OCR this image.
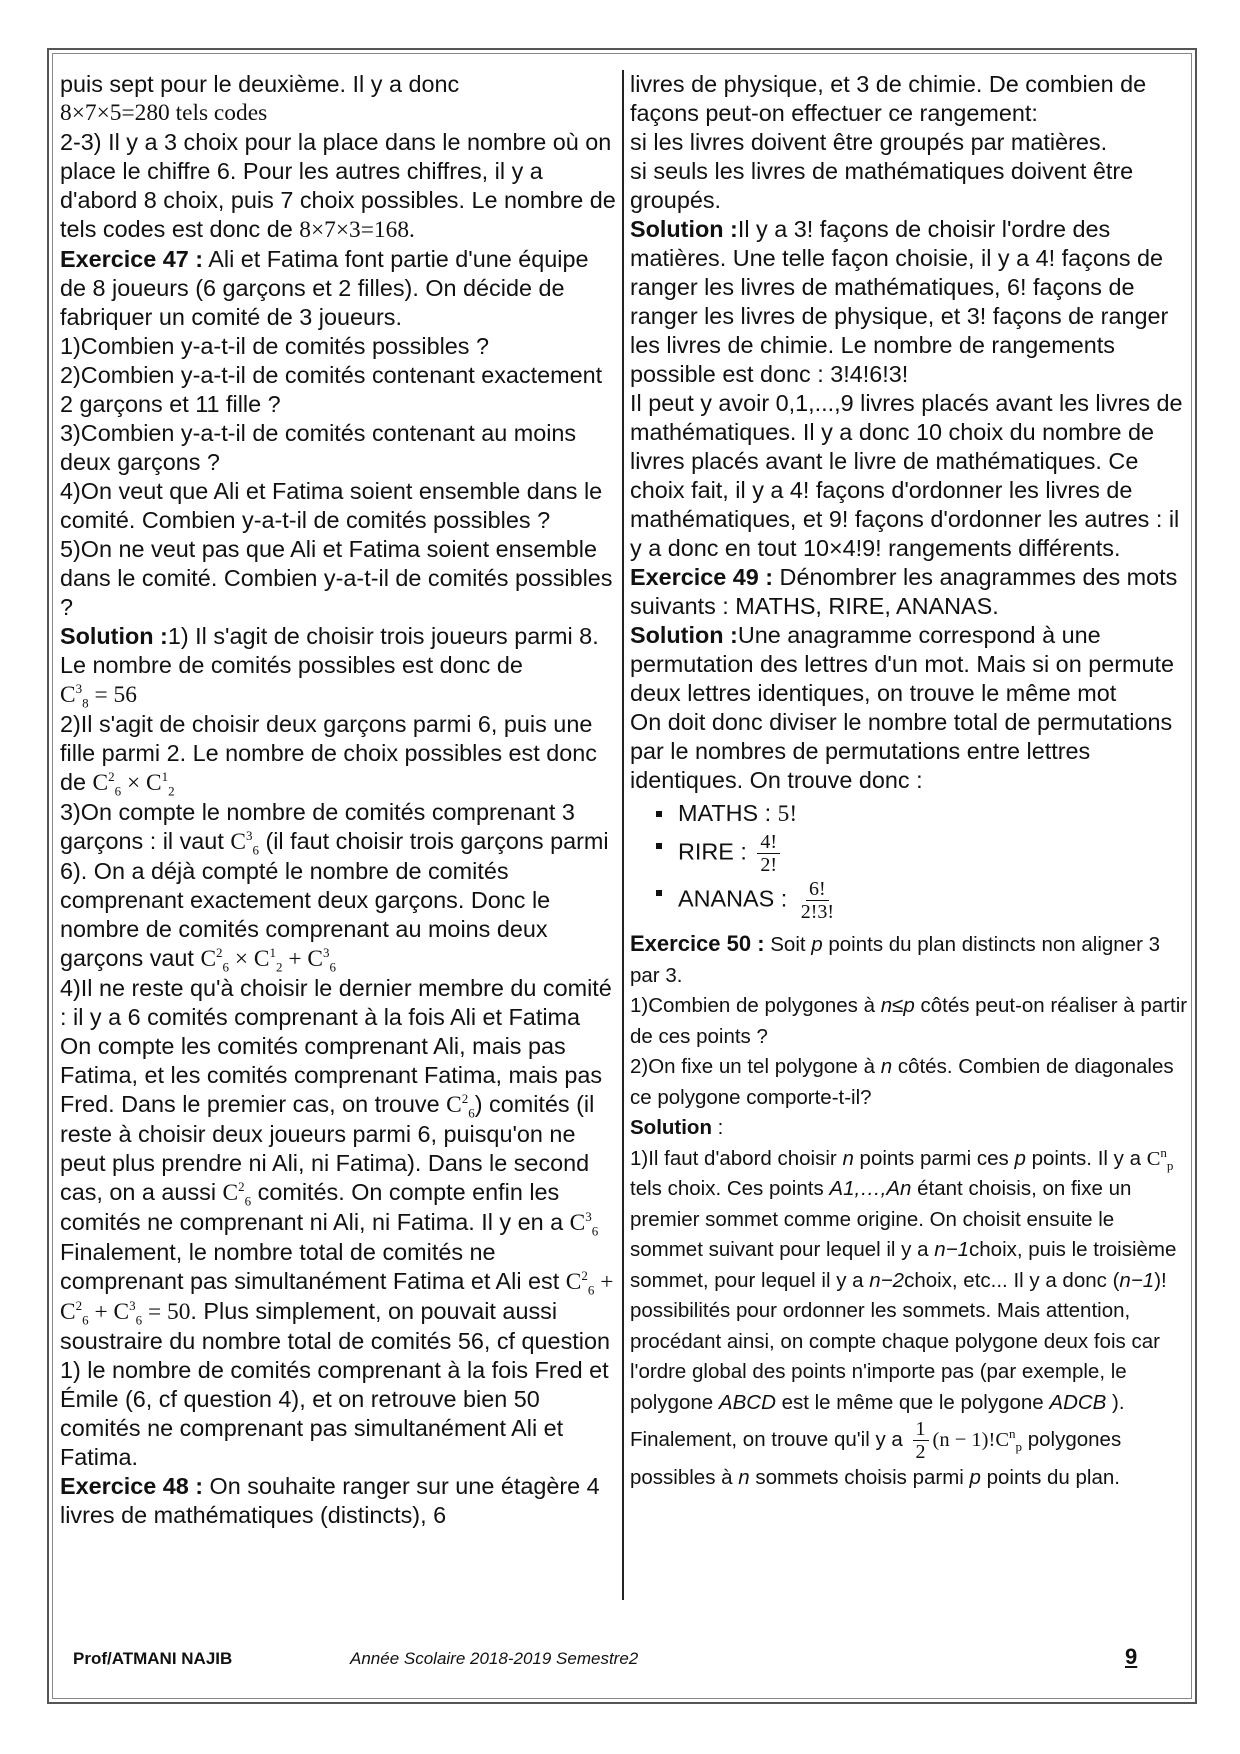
puis sept pour le deuxième. Il y a donc

8×7×5=280 tels codes

2-3) Il y a 3 choix pour la place dans le nombre où on place le chiffre 6. Pour les autres chiffres, il y a d'abord 8 choix, puis 7 choix possibles. Le nombre de tels codes est donc de 8×7×3=168.

Exercice 47 : Ali et Fatima font partie d'une équipe de 8 joueurs (6 garçons et 2 filles). On décide de fabriquer un comité de 3 joueurs.

1)Combien y-a-t-il de comités possibles ?

2)Combien y-a-t-il de comités contenant exactement 2 garçons et 11 fille ?

3)Combien y-a-t-il de comités contenant au moins deux garçons ?

4)On veut que Ali et Fatima soient ensemble dans le comité. Combien y-a-t-il de comités possibles ?

5)On ne veut pas que Ali et Fatima soient ensemble dans le comité. Combien y-a-t-il de comités possibles ?

Solution :1) Il s'agit de choisir trois joueurs parmi 8. Le nombre de comités possibles est donc de
$C^3_8 = 56$

2)Il s'agit de choisir deux garçons parmi 6, puis une fille parmi 2. Le nombre de choix possibles est donc de $C^2_6 \times C^1_2$

3)On compte le nombre de comités comprenant 3 garçons : il vaut $C^3_6$ (il faut choisir trois garçons parmi 6). On a déjà compté le nombre de comités comprenant exactement deux garçons. Donc le nombre de comités comprenant au moins deux garçons vaut $C^2_6 \times C^1_2 + C^3_6$

4)Il ne reste qu'à choisir le dernier membre du comité : il y a 6 comités comprenant à la fois Ali et Fatima

On compte les comités comprenant Ali, mais pas Fatima, et les comités comprenant Fatima, mais pas Fred. Dans le premier cas, on trouve $C^2_6$) comités (il reste à choisir deux joueurs parmi 6, puisqu'on ne peut plus prendre ni Ali, ni Fatima). Dans le second cas, on a aussi $C^2_6$ comités. On compte enfin les comités ne comprenant ni Ali, ni Fatima. Il y en a $C^3_6$ Finalement, le nombre total de comités ne comprenant pas simultanément Fatima et Ali est $C^2_6 + C^2_6 + C^3_6 = 50$. Plus simplement, on pouvait aussi soustraire du nombre total de comités 56, cf question 1) le nombre de comités comprenant à la fois Fred et Émile (6, cf question 4), et on retrouve bien 50 comités ne comprenant pas simultanément Ali et Fatima.

Exercice 48 : On souhaite ranger sur une étagère 4 livres de mathématiques (distincts), 6

livres de physique, et 3 de chimie. De combien de façons peut-on effectuer ce rangement:

si les livres doivent être groupés par matières.

si seuls les livres de mathématiques doivent être groupés.

Solution :Il y a 3! façons de choisir l'ordre des matières. Une telle façon choisie, il y a 4! façons de ranger les livres de mathématiques, 6! façons de ranger les livres de physique, et 3! façons de ranger les livres de chimie. Le nombre de rangements possible est donc : 3!4!6!3!

Il peut y avoir 0,1,...,9 livres placés avant les livres de mathématiques. Il y a donc 10 choix du nombre de livres placés avant le livre de mathématiques. Ce choix fait, il y a 4! façons d'ordonner les livres de mathématiques, et 9! façons d'ordonner les autres : il y a donc en tout 10×4!9! rangements différents.

Exercice 49 : Dénombrer les anagrammes des mots suivants : MATHS, RIRE, ANANAS.

Solution :Une anagramme correspond à une permutation des lettres d'un mot. Mais si on permute deux lettres identiques, on trouve le même mot

On doit donc diviser le nombre total de permutations par le nombres de permutations entre lettres identiques. On trouve donc :

MATHS : 5!
RIRE : $\frac{4!}{2!}$
ANANAS : $\frac{6!}{2!3!}$

Exercice 50 : Soit p points du plan distincts non aligner 3 par 3.

1)Combien de polygones à n≤p côtés peut-on réaliser à partir de ces points ?

2)On fixe un tel polygone à n côtés. Combien de diagonales ce polygone comporte-t-il?

Solution :

1)Il faut d'abord choisir n points parmi ces p points. Il y a $C^n_p$ tels choix. Ces points A1,…,An étant choisis, on fixe un premier sommet comme origine. On choisit ensuite le sommet suivant pour lequel il y a n−1choix, puis le troisième sommet, pour lequel il y a n−2choix, etc... Il y a donc (n−1)! possibilités pour ordonner les sommets. Mais attention, procédant ainsi, on compte chaque polygone deux fois car l'ordre global des points n'importe pas (par exemple, le polygone ABCD est le même que le polygone ADCB ). Finalement, on trouve qu'il y a $\frac{1}{2} (n - 1)!C^n_p$ polygones possibles à n sommets choisis parmi p points du plan.

Prof/ATMANI NAJIB	Année Scolaire 2018-2019 Semestre2	9
